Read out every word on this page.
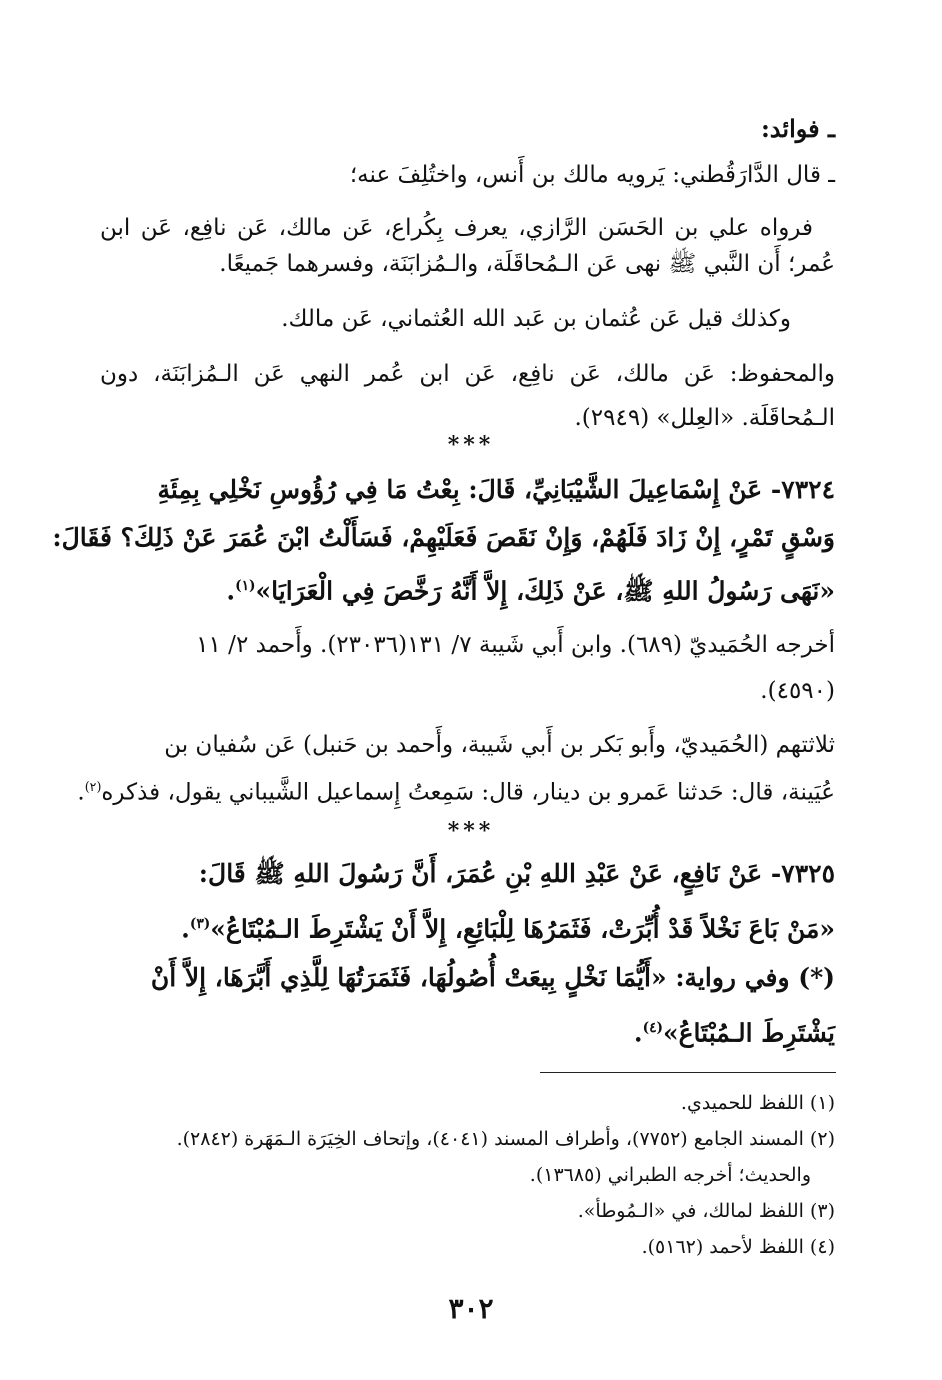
ـ فوائد:
ـ قال الدَّارَقُطني: يَرويه مالك بن أَنس، واختُلِفَ عنه؛
فرواه علي بن الحَسَن الرَّازي، يعرف بِكُراع، عَن مالك، عَن نافِع، عَن ابن عُمر؛ أَن النَّبي ﷺ نهى عَن الـمُحاقَلَة، والـمُزابَنَة، وفسرهما جَميعًا.
وكذلك قيل عَن عُثمان بن عَبد الله العُثماني، عَن مالك.
والمحفوظ: عَن مالك، عَن نافِع، عَن ابن عُمر النهي عَن الـمُزابَنَة، دون الـمُحاقَلَة. «العِلل» (٢٩٤٩).
***
٧٣٢٤- عَنْ إِسْمَاعِيلَ الشَّيْبَانِيِّ، قَالَ: بِعْتُ مَا فِي رُؤُوسِ نَخْلِي بِمِئَةِ
وَسْقٍ تَمْرٍ، إِنْ زَادَ فَلَهُمْ، وَإِنْ نَقَصَ فَعَلَيْهِمْ، فَسَأَلْتُ ابْنَ عُمَرَ عَنْ ذَلِكَ؟ فَقَالَ:
«نَهَى رَسُولُ اللهِ ﷺ، عَنْ ذَلِكَ، إِلاَّ أَنَّهُ رَخَّصَ فِي الْعَرَايَا»$^{(١)}$.
أخرجه الحُمَيديّ (٦٨٩). وابن أَبي شَيبة ٧/ ١٣١(٢٣٠٣٦). وأَحمد ٢/ ١١
(٤٥٩٠).
ثلاثتهم (الحُمَيديّ، وأَبو بَكر بن أَبي شَيبة، وأَحمد بن حَنبل) عَن سُفيان بن
عُيَينة، قال: حَدثنا عَمرو بن دينار، قال: سَمِعتُ إِسماعيل الشَّيباني يقول، فذكره$^{(٢)}$.
***
٧٣٢٥- عَنْ نَافِعٍ، عَنْ عَبْدِ اللهِ بْنِ عُمَرَ، أَنَّ رَسُولَ اللهِ ﷺ قَالَ:
«مَنْ بَاعَ نَخْلاً قَدْ أُبِّرَتْ، فَثَمَرُهَا لِلْبَائِعِ، إِلاَّ أَنْ يَشْتَرِطَ الـمُبْتَاعُ»$^{(٣)}$.
(*) وفي رواية: «أَيُّمَا نَخْلٍ بِيعَتْ أُصُولُهَا، فَثَمَرَتُهَا لِلَّذِي أَبَّرَهَا، إِلاَّ أَنْ
يَشْتَرِطَ الـمُبْتَاعُ»$^{(٤)}$.
(١) اللفظ للحميدي.
(٢) المسند الجامع (٧٧٥٢)، وأطراف المسند (٤٠٤١)، وإتحاف الخِيَرَة الـمَهَرة (٢٨٤٢).
والحديث؛ أخرجه الطبراني (١٣٦٨٥).
(٣) اللفظ لمالك، في «الـمُوطأ».
(٤) اللفظ لأحمد (٥١٦٢).
٣٠٢
